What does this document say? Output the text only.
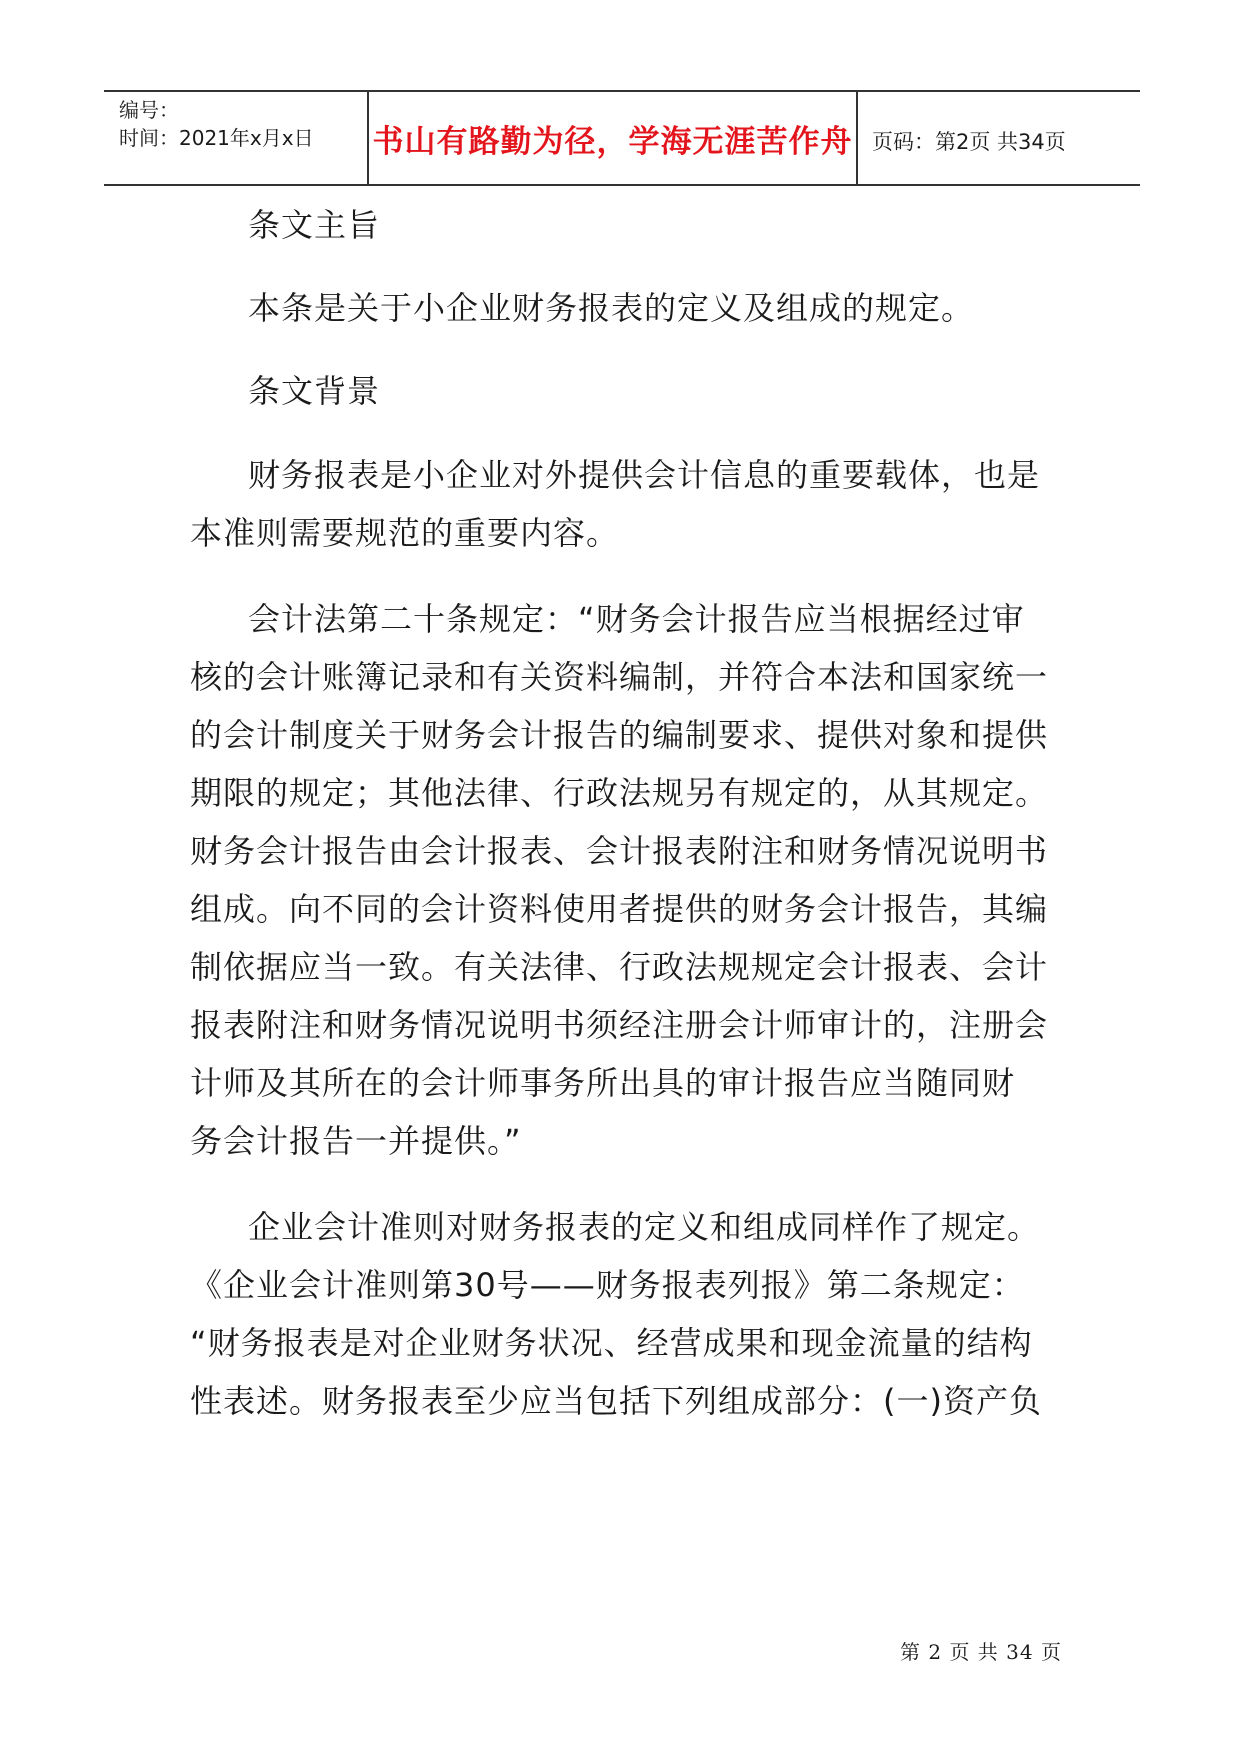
编号：
时间：2021年x月x日 书山有路勤为径，学海无涯苦作舟 页码：第2页 共34页
条文主旨
本条是关于小企业财务报表的定义及组成的规定。
条文背景
财务报表是小企业对外提供会计信息的重要载体，也是
本准则需要规范的重要内容。
会计法第二十条规定：“财务会计报告应当根据经过审
核的会计账簿记录和有关资料编制，并符合本法和国家统一
的会计制度关于财务会计报告的编制要求、提供对象和提供
期限的规定；其他法律、行政法规另有规定的，从其规定。
财务会计报告由会计报表、会计报表附注和财务情况说明书
组成。向不同的会计资料使用者提供的财务会计报告，其编
制依据应当一致。有关法律、行政法规规定会计报表、会计
报表附注和财务情况说明书须经注册会计师审计的，注册会
计师及其所在的会计师事务所出具的审计报告应当随同财
务会计报告一并提供。”
企业会计准则对财务报表的定义和组成同样作了规定。
《企业会计准则第30号——财务报表列报》第二条规定：
“财务报表是对企业财务状况、经营成果和现金流量的结构
性表述。财务报表至少应当包括下列组成部分：(一)资产负
第 2 页 共 34 页
